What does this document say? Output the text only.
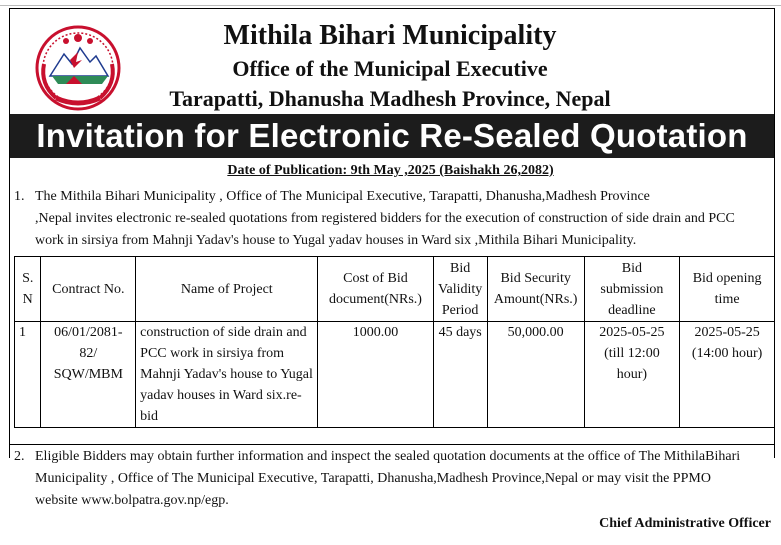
Mithila Bihari Municipality
Office of the Municipal Executive
Tarapatti, Dhanusha Madhesh Province, Nepal
Invitation for Electronic Re-Sealed Quotation
Date of Publication: 9th May ,2025 (Baishakh 26,2082)
1. The Mithila Bihari Municipality , Office of The Municipal Executive, Tarapatti, Dhanusha,Madhesh Province
,Nepal invites electronic re-sealed quotations from registered bidders for the execution of construction of side drain and PCC
work in sirsiya from Mahnji Yadav's house to Yugal yadav houses in Ward six ,Mithila Bihari Municipality.
S. N	Contract No.	Name of Project	Cost of Bid document(NRs.)	Bid Validity Period	Bid Security Amount(NRs.)	Bid submission deadline	Bid opening time
1	06/01/2081-82/ SQW/MBM	construction of side drain and PCC work in sirsiya from Mahnji Yadav's house to Yugal yadav houses in Ward six.re-bid	1000.00	45 days	50,000.00	2025-05-25 (till 12:00 hour)	2025-05-25 (14:00 hour)
2. Eligible Bidders may obtain further information and inspect the sealed quotation documents at the office of The MithilaBihari
Municipality , Office of The Municipal Executive, Tarapatti, Dhanusha,Madhesh Province,Nepal or may visit the PPMO
website www.bolpatra.gov.np/egp.
Chief Administrative Officer
